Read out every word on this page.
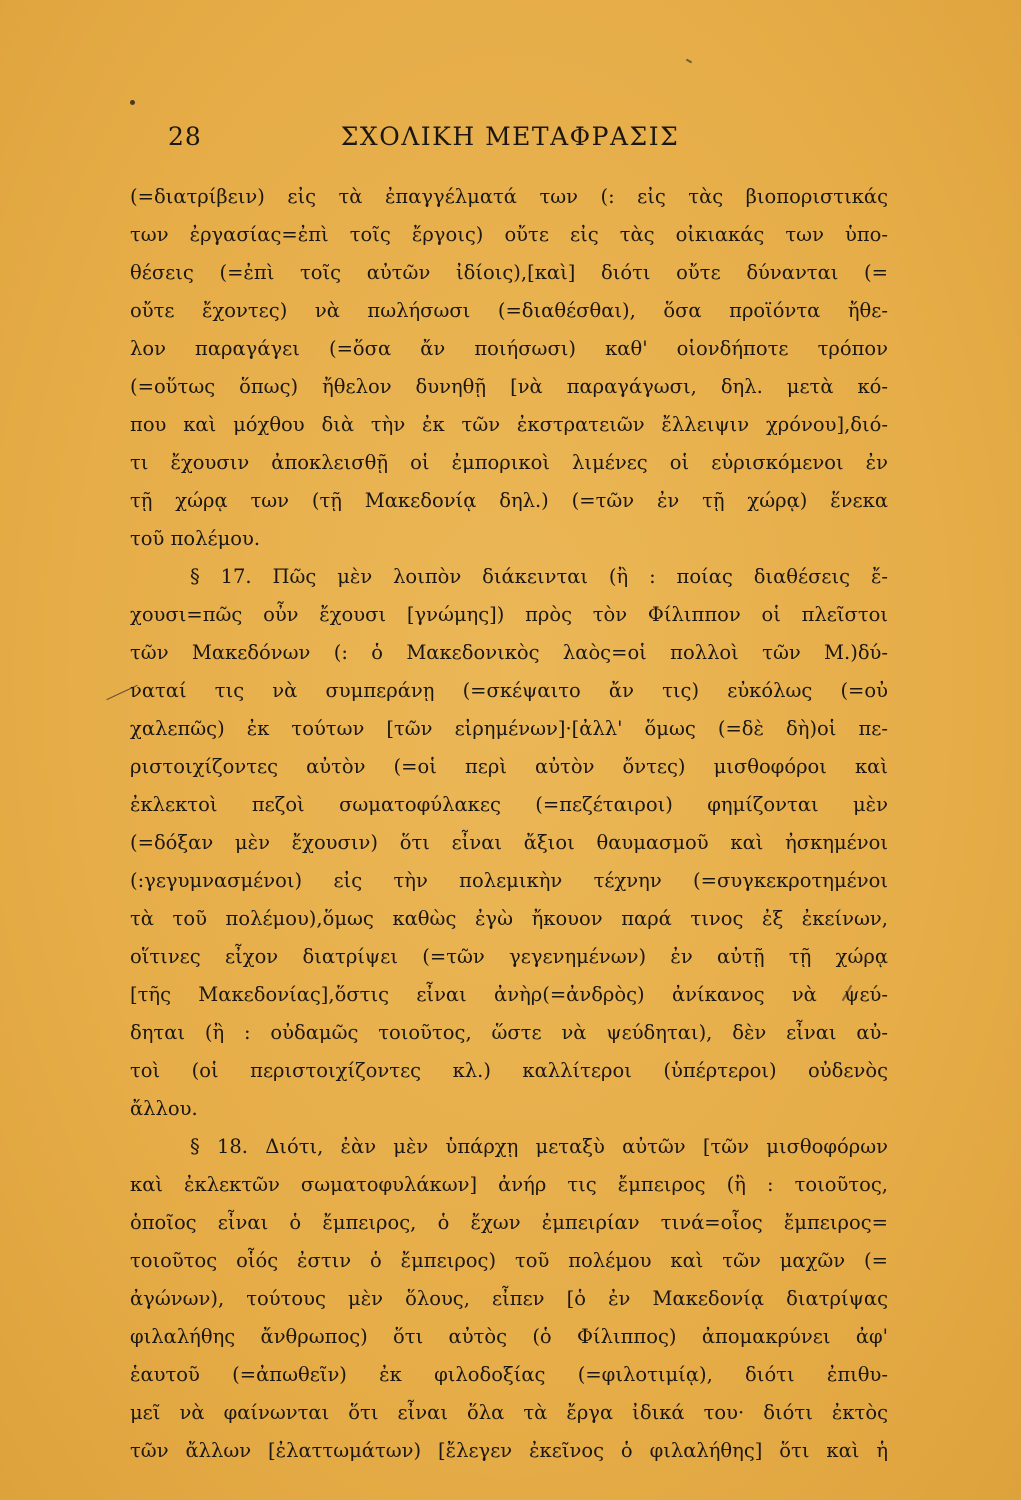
28	ΣΧΟΛΙΚΗ ΜΕΤΑΦΡΑΣΙΣ
(=διατρίβειν) εἰς τὰ ἐπαγγέλματά των (: εἰς τὰς βιοποριστικάς
των ἐργασίας=ἐπὶ τοῖς ἔργοις) οὔτε εἰς τὰς οἰκιακάς των ὑπο-
θέσεις (=ἐπὶ τοῖς αὐτῶν ἰδίοις),[καὶ] διότι οὔτε δύνανται (=
οὔτε ἔχοντες) νὰ πωλήσωσι (=διαθέσθαι), ὅσα προϊόντα ἤθε-
λον παραγάγει (=ὅσα ἄν ποιήσωσι) καθ' οἱονδήποτε τρόπον
(=οὕτως ὅπως) ἤθελον δυνηθῇ [νὰ παραγάγωσι, δηλ. μετὰ κό-
που καὶ μόχθου διὰ τὴν ἐκ τῶν ἐκστρατειῶν ἔλλειψιν χρόνου],διό-
τι ἔχουσιν ἀποκλεισθῇ οἱ ἐμπορικοὶ λιμένες οἱ εὑρισκόμενοι ἐν
τῇ χώρᾳ των (τῇ Μακεδονίᾳ δηλ.) (=τῶν ἐν τῇ χώρᾳ) ἕνεκα
τοῦ πολέμου.
§ 17. Πῶς μὲν λοιπὸν διάκεινται (ἢ : ποίας διαθέσεις ἔ-
χουσι=πῶς οὖν ἔχουσι [γνώμης]) πρὸς τὸν Φίλιππον οἱ πλεῖστοι
τῶν Μακεδόνων (: ὁ Μακεδονικὸς λαὸς=οἱ πολλοὶ τῶν Μ.)δύ-
ναταί τις νὰ συμπεράνῃ (=σκέψαιτο ἄν τις) εὐκόλως (=οὐ
χαλεπῶς) ἐκ τούτων [τῶν εἰρημένων]·[ἀλλ' ὅμως (=δὲ δὴ)οἱ πε-
ριστοιχίζοντες αὐτὸν (=οἱ περὶ αὐτὸν ὄντες) μισθοφόροι καὶ
ἐκλεκτοὶ πεζοὶ σωματοφύλακες (=πεζέταιροι) φημίζονται μὲν
(=δόξαν μὲν ἔχουσιν) ὅτι εἶναι ἄξιοι θαυμασμοῦ καὶ ἠσκημένοι
(:γεγυμνασμένοι) εἰς τὴν πολεμικὴν τέχνην (=συγκεκροτημένοι
τὰ τοῦ πολέμου),ὅμως καθὼς ἐγὼ ἤκουον παρά τινος ἐξ ἐκείνων,
οἵτινες εἶχον διατρίψει (=τῶν γεγενημένων) ἐν αὐτῇ τῇ χώρᾳ
[τῆς Μακεδονίας],ὅστις εἶναι ἀνὴρ(=ἀνδρὸς) ἀνίκανος νὰ ψεύ-
δηται (ἢ : οὐδαμῶς τοιοῦτος, ὥστε νὰ ψεύδηται), δὲν εἶναι αὐ-
τοὶ (οἱ περιστοιχίζοντες κλ.) καλλίτεροι (ὑπέρτεροι) οὐδενὸς
ἄλλου.
§ 18. Διότι, ἐὰν μὲν ὑπάρχῃ μεταξὺ αὐτῶν [τῶν μισθοφόρων
καὶ ἐκλεκτῶν σωματοφυλάκων] ἀνήρ τις ἔμπειρος (ἢ : τοιοῦτος,
ὁποῖος εἶναι ὁ ἔμπειρος, ὁ ἔχων ἐμπειρίαν τινά=οἷος ἔμπειρος=
τοιοῦτος οἷός ἐστιν ὁ ἔμπειρος) τοῦ πολέμου καὶ τῶν μαχῶν (=
ἀγώνων), τούτους μὲν ὅλους, εἶπεν [ὁ ἐν Μακεδονίᾳ διατρίψας
φιλαλήθης ἄνθρωπος) ὅτι αὐτὸς (ὁ Φίλιππος) ἀπομακρύνει ἀφ'
ἑαυτοῦ (=ἀπωθεῖν) ἐκ φιλοδοξίας (=φιλοτιμίᾳ), διότι ἐπιθυ-
μεῖ νὰ φαίνωνται ὅτι εἶναι ὅλα τὰ ἔργα ἰδικά του· διότι ἐκτὸς
τῶν ἄλλων [ἐλαττωμάτων) [ἔλεγεν ἐκεῖνος ὁ φιλαλήθης] ὅτι καὶ ἡ
